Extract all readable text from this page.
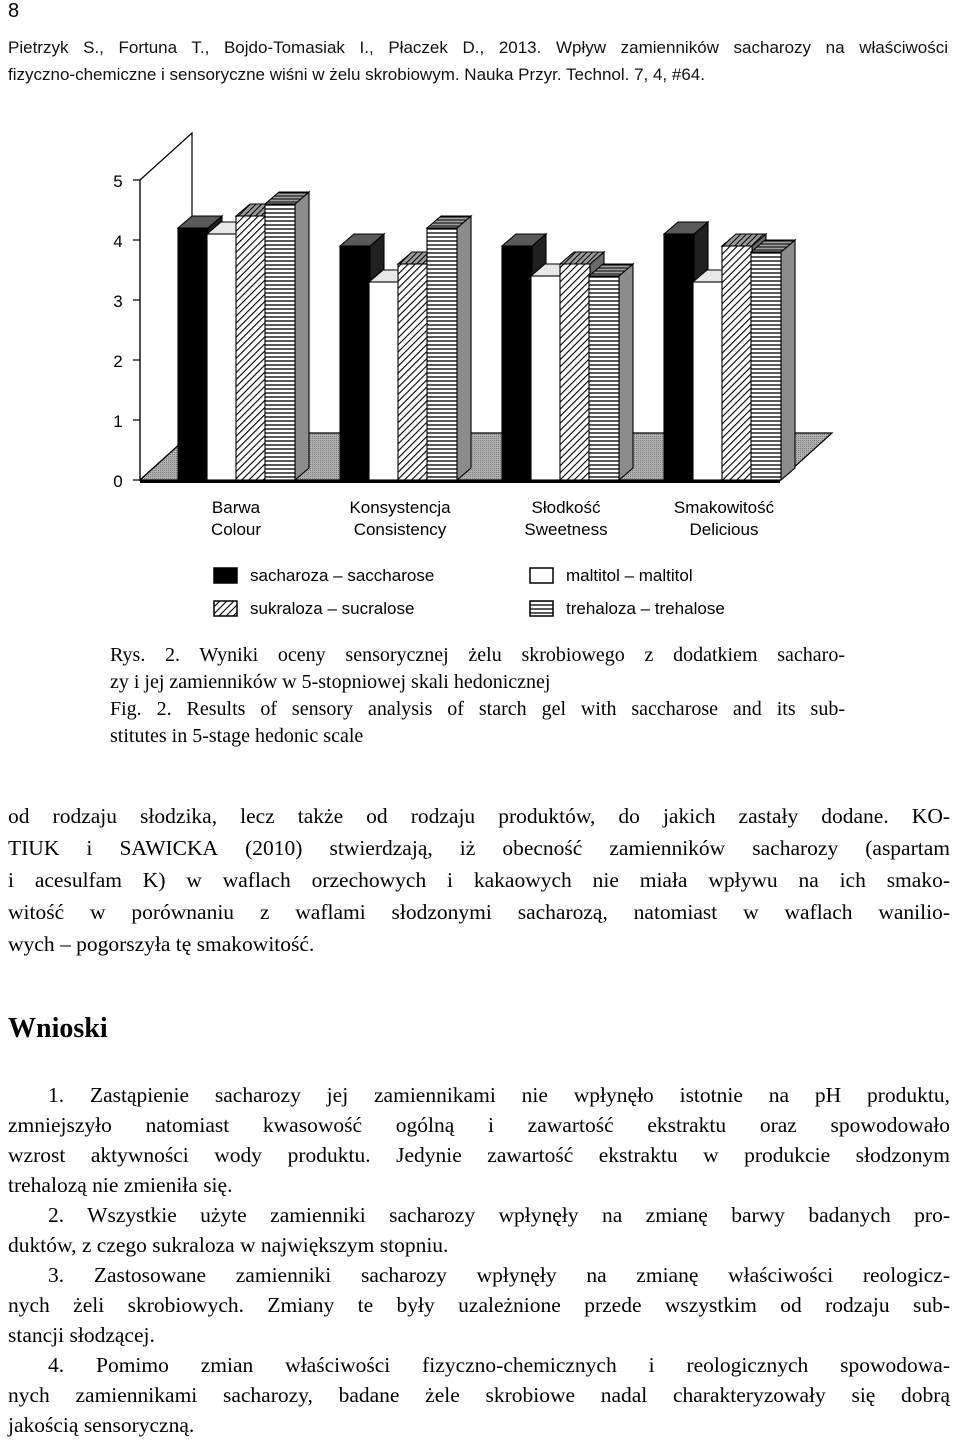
8
Pietrzyk S., Fortuna T., Bojdo-Tomasiak I., Płaczek D., 2013. Wpływ zamienników sacharozy na właściwości
fizyczno-chemiczne i sensoryczne wiśni w żelu skrobiowym. Nauka Przyr. Technol. 7, 4, #64.
0
1
2
3
4
5
Barwa
Colour
Konsystencja
Consistency
Słodkość
Sweetness
Smakowitość
Delicious
sacharoza – saccharose	maltitol – maltitol
sukraloza – sucralose	trehaloza – trehalose
Rys. 2. Wyniki oceny sensorycznej żelu skrobiowego z dodatkiem sacharo-
zy i jej zamienników w 5-stopniowej skali hedonicznej
Fig. 2. Results of sensory analysis of starch gel with saccharose and its sub-
stitutes in 5-stage hedonic scale
od rodzaju słodzika, lecz także od rodzaju produktów, do jakich zastały dodane. KO-
TIUK i SAWICKA (2010) stwierdzają, iż obecność zamienników sacharozy (aspartam
i acesulfam K) w waflach orzechowych i kakaowych nie miała wpływu na ich smako-
witość w porównaniu z waflami słodzonymi sacharozą, natomiast w waflach wanilio-
wych – pogorszyła tę smakowitość.
Wnioski
1. Zastąpienie sacharozy jej zamiennikami nie wpłynęło istotnie na pH produktu,
zmniejszyło natomiast kwasowość ogólną i zawartość ekstraktu oraz spowodowało
wzrost aktywności wody produktu. Jedynie zawartość ekstraktu w produkcie słodzonym
trehalozą nie zmieniła się.
2. Wszystkie użyte zamienniki sacharozy wpłynęły na zmianę barwy badanych pro-
duktów, z czego sukraloza w największym stopniu.
3. Zastosowane zamienniki sacharozy wpłynęły na zmianę właściwości reologicz-
nych żeli skrobiowych. Zmiany te były uzależnione przede wszystkim od rodzaju sub-
stancji słodzącej.
4. Pomimo zmian właściwości fizyczno-chemicznych i reologicznych spowodowa-
nych zamiennikami sacharozy, badane żele skrobiowe nadal charakteryzowały się dobrą
jakością sensoryczną.
